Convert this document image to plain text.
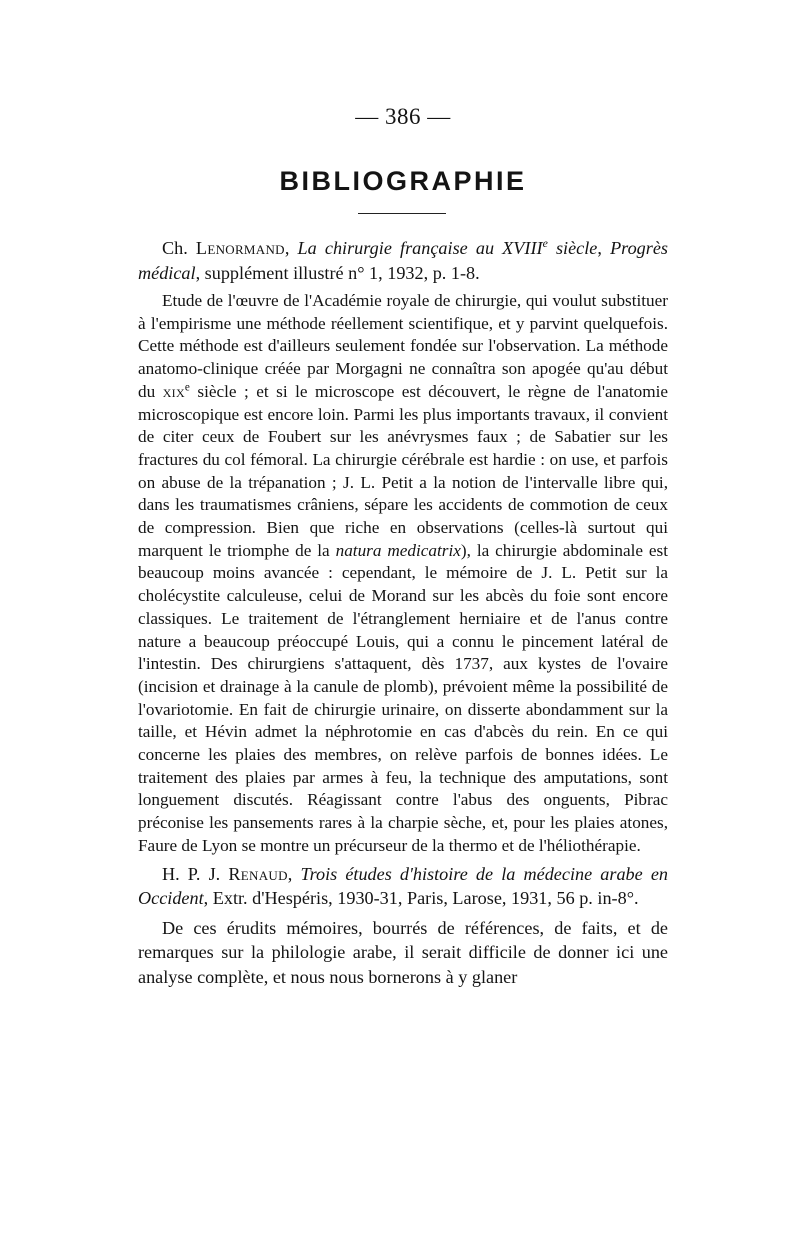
— 386 —
BIBLIOGRAPHIE

Ch. Lenormand, La chirurgie française au XVIIIe siècle, Progrès médical, supplément illustré n° 1, 1932, p. 1-8.

Etude de l'œuvre de l'Académie royale de chirurgie, qui voulut substituer à l'empirisme une méthode réellement scientifique, et y parvint quelquefois. Cette méthode est d'ailleurs seulement fondée sur l'observation. La méthode anatomo-clinique créée par Morgagni ne connaîtra son apogée qu'au début du xix$^e$ siècle ; et si le microscope est découvert, le règne de l'anatomie microscopique est encore loin. Parmi les plus importants travaux, il convient de citer ceux de Foubert sur les anévrysmes faux ; de Sabatier sur les fractures du col fémoral. La chirurgie cérébrale est hardie : on use, et parfois on abuse de la trépanation ; J. L. Petit a la notion de l'intervalle libre qui, dans les traumatismes crâniens, sépare les accidents de commotion de ceux de compression. Bien que riche en observations (celles-là surtout qui marquent le triomphe de la natura medicatrix), la chirurgie abdominale est beaucoup moins avancée : cependant, le mémoire de J. L. Petit sur la cholécystite calculeuse, celui de Morand sur les abcès du foie sont encore classiques. Le traitement de l'étranglement herniaire et de l'anus contre nature a beaucoup préoccupé Louis, qui a connu le pincement latéral de l'intestin. Des chirurgiens s'attaquent, dès 1737, aux kystes de l'ovaire (incision et drainage à la canule de plomb), prévoient même la possibilité de l'ovariotomie. En fait de chirurgie urinaire, on disserte abondamment sur la taille, et Hévin admet la néphrotomie en cas d'abcès du rein. En ce qui concerne les plaies des membres, on relève parfois de bonnes idées. Le traitement des plaies par armes à feu, la technique des amputations, sont longuement discutés. Réagissant contre l'abus des onguents, Pibrac préconise les pansements rares à la charpie sèche, et, pour les plaies atones, Faure de Lyon se montre un précurseur de la thermo et de l'héliothérapie.

H. P. J. Renaud, Trois études d'histoire de la médecine arabe en Occident, Extr. d'Hespéris, 1930-31, Paris, Larose, 1931, 56 p. in-8°.

De ces érudits mémoires, bourrés de références, de faits, et de remarques sur la philologie arabe, il serait difficile de donner ici une analyse complète, et nous nous bornerons à y glaner
